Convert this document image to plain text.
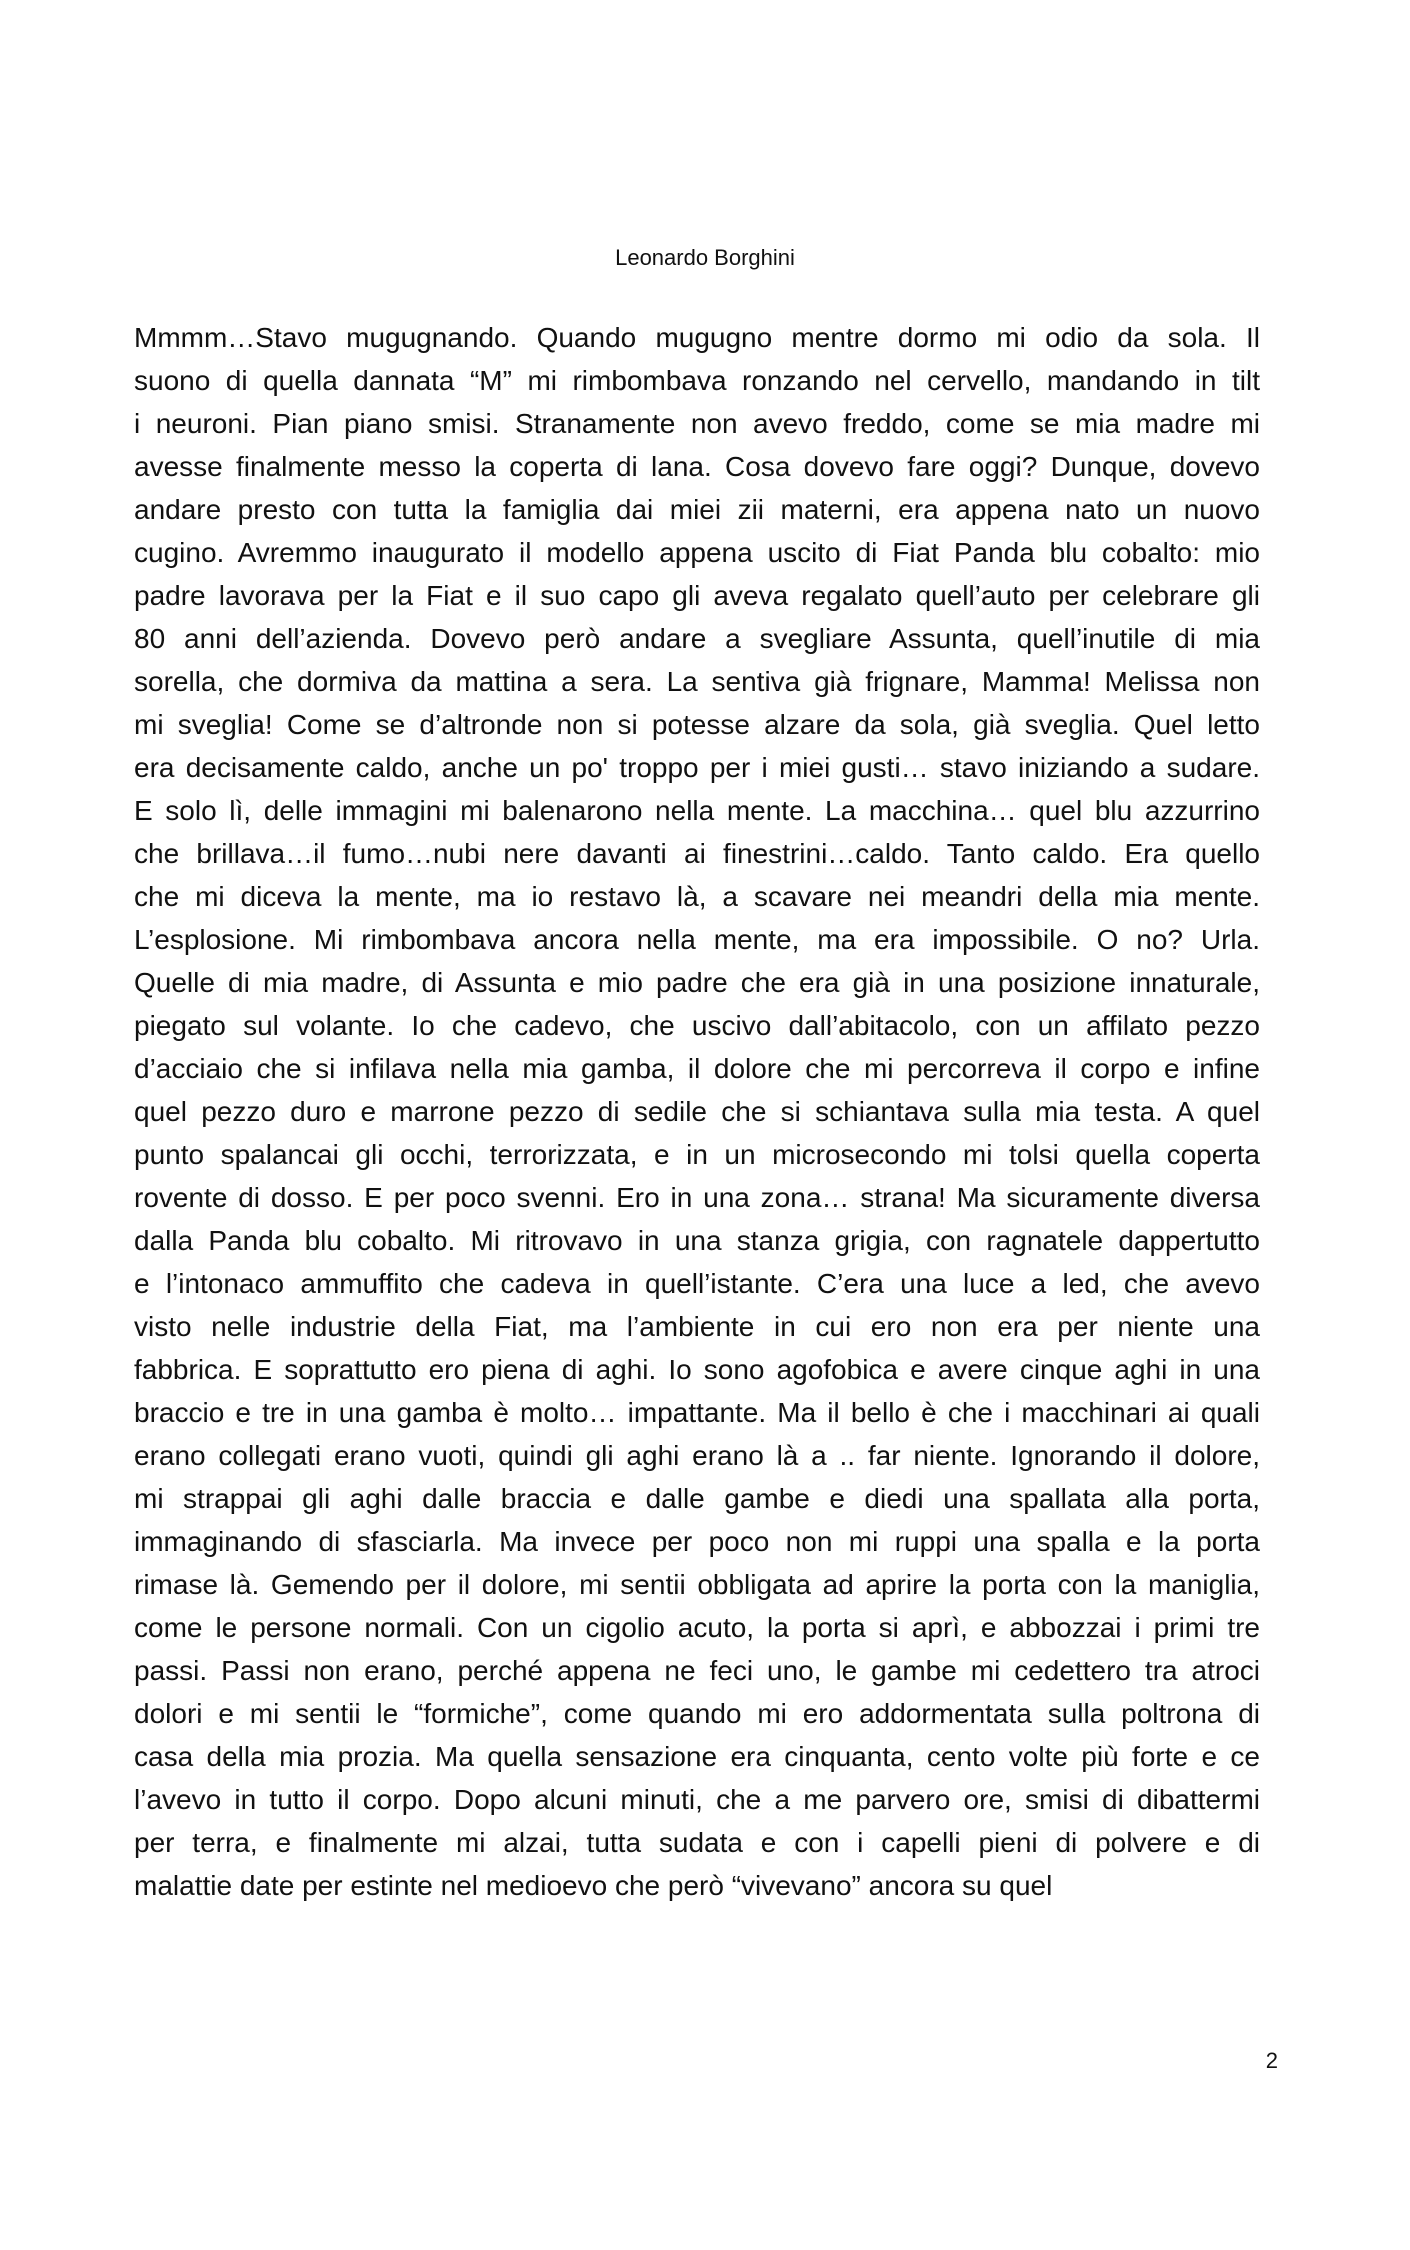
Leonardo Borghini
Mmmm…Stavo mugugnando. Quando mugugno mentre dormo mi odio da sola. Il
suono di quella dannata “M” mi rimbombava ronzando nel cervello, mandando in tilt
i neuroni. Pian piano smisi. Stranamente non avevo freddo, come se mia madre mi
avesse finalmente messo la coperta di lana. Cosa dovevo fare oggi? Dunque, dovevo
andare presto con tutta la famiglia dai miei zii materni, era appena nato un nuovo
cugino. Avremmo inaugurato il modello appena uscito di Fiat Panda blu cobalto: mio
padre lavorava per la Fiat e il suo capo gli aveva regalato quell’auto per celebrare gli
80 anni dell’azienda. Dovevo però andare a svegliare Assunta, quell’inutile di mia
sorella, che dormiva da mattina a sera. La sentiva già frignare, Mamma! Melissa non
mi sveglia! Come se d’altronde non si potesse alzare da sola, già sveglia. Quel letto
era decisamente caldo, anche un po' troppo per i miei gusti… stavo iniziando a sudare.
E solo lì, delle immagini mi balenarono nella mente. La macchina… quel blu azzurrino
che brillava…il fumo…nubi nere davanti ai finestrini…caldo. Tanto caldo. Era quello
che mi diceva la mente, ma io restavo là, a scavare nei meandri della mia mente.
L’esplosione. Mi rimbombava ancora nella mente, ma era impossibile. O no? Urla.
Quelle di mia madre, di Assunta e mio padre che era già in una posizione innaturale,
piegato sul volante. Io che cadevo, che uscivo dall’abitacolo, con un affilato pezzo
d’acciaio che si infilava nella mia gamba, il dolore che mi percorreva il corpo e infine
quel pezzo duro e marrone pezzo di sedile che si schiantava sulla mia testa. A quel
punto spalancai gli occhi, terrorizzata, e in un microsecondo mi tolsi quella coperta
rovente di dosso. E per poco svenni. Ero in una zona… strana! Ma sicuramente diversa
dalla Panda blu cobalto. Mi ritrovavo in una stanza grigia, con ragnatele dappertutto
e l’intonaco ammuffito che cadeva in quell’istante. C’era una luce a led, che avevo
visto nelle industrie della Fiat, ma l’ambiente in cui ero non era per niente una
fabbrica. E soprattutto ero piena di aghi. Io sono agofobica e avere cinque aghi in una
braccio e tre in una gamba è molto… impattante. Ma il bello è che i macchinari ai quali
erano collegati erano vuoti, quindi gli aghi erano là a .. far niente. Ignorando il dolore,
mi strappai gli aghi dalle braccia e dalle gambe e diedi una spallata alla porta,
immaginando di sfasciarla. Ma invece per poco non mi ruppi una spalla e la porta
rimase là. Gemendo per il dolore, mi sentii obbligata ad aprire la porta con la maniglia,
come le persone normali. Con un cigolio acuto, la porta si aprì, e abbozzai i primi tre
passi. Passi non erano, perché appena ne feci uno, le gambe mi cedettero tra atroci
dolori e mi sentii le “formiche”, come quando mi ero addormentata sulla poltrona di
casa della mia prozia. Ma quella sensazione era cinquanta, cento volte più forte e ce
l’avevo in tutto il corpo. Dopo alcuni minuti, che a me parvero ore, smisi di dibattermi
per terra, e finalmente mi alzai, tutta sudata e con i capelli pieni di polvere e di
malattie date per estinte nel medioevo che però “vivevano” ancora su quel
2
